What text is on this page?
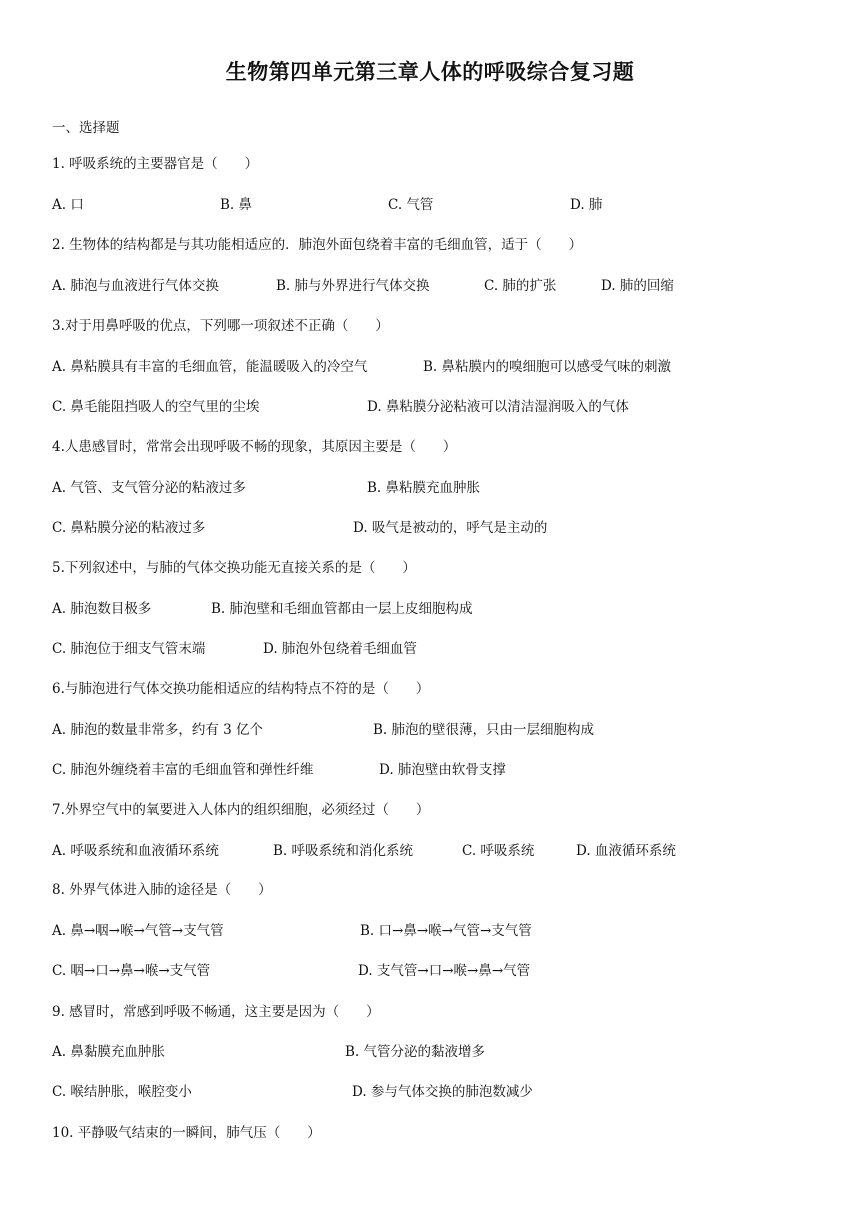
生物第四单元第三章人体的呼吸综合复习题
一、选择题
1. 呼吸系统的主要器官是（　　）
A. 口	B. 鼻	C. 气管	D. 肺
2. 生物体的结构都是与其功能相适应的．肺泡外面包绕着丰富的毛细血管，适于（　　）
A. 肺泡与血液进行气体交换	B. 肺与外界进行气体交换	C. 肺的扩张	D. 肺的回缩
3.对于用鼻呼吸的优点，下列哪一项叙述不正确（　　）
A. 鼻粘膜具有丰富的毛细血管，能温暖吸入的冷空气	B. 鼻粘膜内的嗅细胞可以感受气味的刺激
C. 鼻毛能阻挡吸人的空气里的尘埃	D. 鼻粘膜分泌粘液可以清洁湿润吸入的气体
4.人患感冒时，常常会出现呼吸不畅的现象，其原因主要是（　　）
A. 气管、支气管分泌的粘液过多	B. 鼻粘膜充血肿胀
C. 鼻粘膜分泌的粘液过多	D. 吸气是被动的，呼气是主动的
5.下列叙述中，与肺的气体交换功能无直接关系的是（　　）
A. 肺泡数目极多	B. 肺泡壁和毛细血管都由一层上皮细胞构成
C. 肺泡位于细支气管末端	D. 肺泡外包绕着毛细血管
6.与肺泡进行气体交换功能相适应的结构特点不符的是（　　）
A. 肺泡的数量非常多，约有 3 亿个	B. 肺泡的壁很薄，只由一层细胞构成
C. 肺泡外缠绕着丰富的毛细血管和弹性纤维	D. 肺泡壁由软骨支撑
7.外界空气中的氧要进入人体内的组织细胞，必须经过（　　）
A. 呼吸系统和血液循环系统	B. 呼吸系统和消化系统	C. 呼吸系统	D. 血液循环系统
8. 外界气体进入肺的途径是（　　）
A. 鼻→咽→喉→气管→支气管	B. 口→鼻→喉→气管→支气管
C. 咽→口→鼻→喉→支气管	D. 支气管→口→喉→鼻→气管
9. 感冒时，常感到呼吸不畅通，这主要是因为（　　）
A. 鼻黏膜充血肿胀	B. 气管分泌的黏液增多
C. 喉结肿胀，喉腔变小	D. 参与气体交换的肺泡数减少
10. 平静吸气结束的一瞬间，肺气压（　　）
